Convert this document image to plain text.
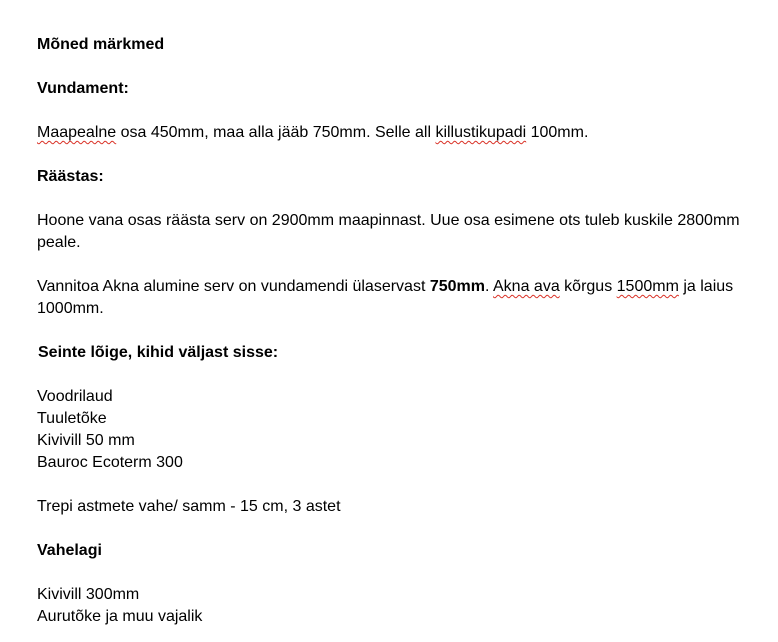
Mõned märkmed
Vundament:
Maapealne osa 450mm, maa alla jääb 750mm. Selle all killustikupadi 100mm.
Räästas:
Hoone vana osas räästa serv on 2900mm maapinnast. Uue osa esimene ots tuleb kuskile 2800mm peale.
Vannitoa Akna alumine serv on vundamendi ülaservast 750mm. Akna ava kõrgus 1500mm ja laius 1000mm.
Seinte lõige, kihid väljast sisse:
Voodrilaud
Tuuletõke
Kivivill 50 mm
Bauroc Ecoterm 300
Trepi astmete vahe/ samm - 15 cm, 3 astet
Vahelagi
Kivivill 300mm
Aurutõke ja muu vajalik
